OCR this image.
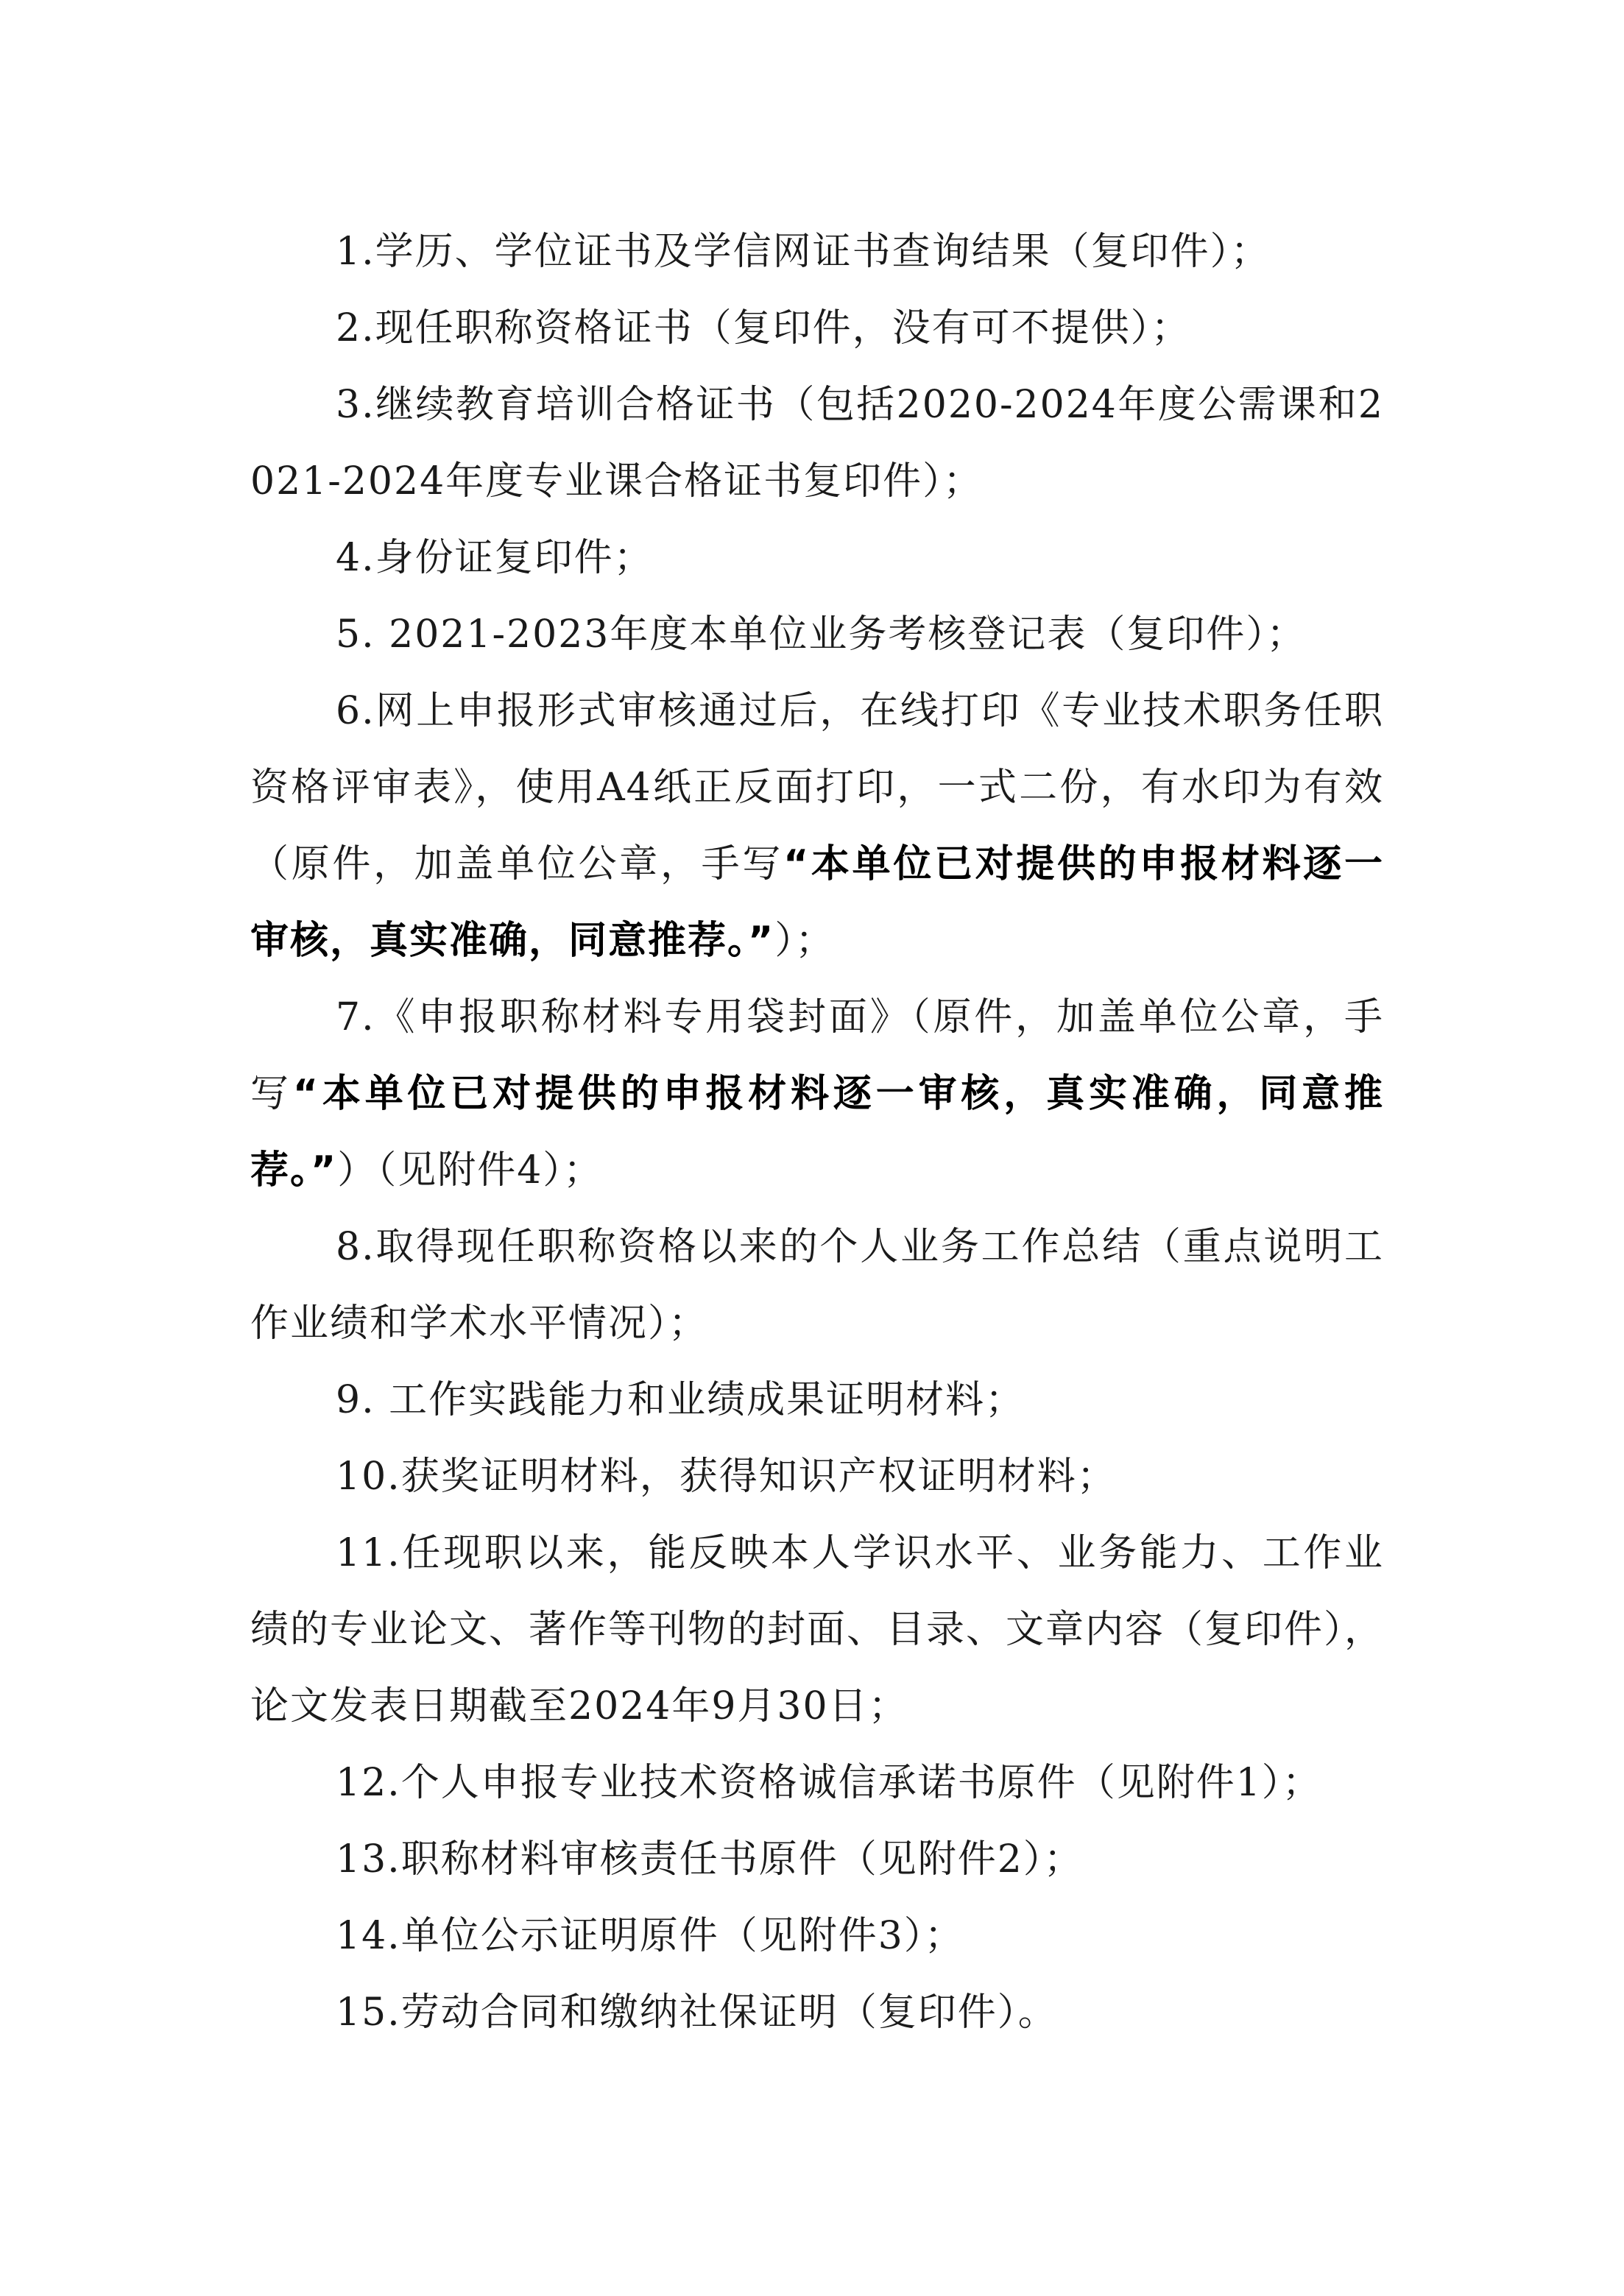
1.学历、学位证书及学信网证书查询结果（复印件）；

2.现任职称资格证书（复印件，没有可不提供）；

3.继续教育培训合格证书（包括2020-2024年度公需课和2021-2024年度专业课合格证书复印件）；

4.身份证复印件；

5. 2021-2023年度本单位业务考核登记表（复印件）；

6.网上申报形式审核通过后，在线打印《专业技术职务任职资格评审表》，使用A4纸正反面打印，一式二份，有水印为有效（原件，加盖单位公章，手写“本单位已对提供的申报材料逐一审核，真实准确，同意推荐。”）；

7.《申报职称材料专用袋封面》（原件，加盖单位公章，手写“本单位已对提供的申报材料逐一审核，真实准确，同意推荐。”）（见附件4）；

8.取得现任职称资格以来的个人业务工作总结（重点说明工作业绩和学术水平情况）；

9. 工作实践能力和业绩成果证明材料；

10.获奖证明材料，获得知识产权证明材料；

11.任现职以来，能反映本人学识水平、业务能力、工作业绩的专业论文、著作等刊物的封面、目录、文章内容（复印件），论文发表日期截至2024年9月30日；

12.个人申报专业技术资格诚信承诺书原件（见附件1）；

13.职称材料审核责任书原件（见附件2）；

14.单位公示证明原件（见附件3）；

15.劳动合同和缴纳社保证明（复印件）。
